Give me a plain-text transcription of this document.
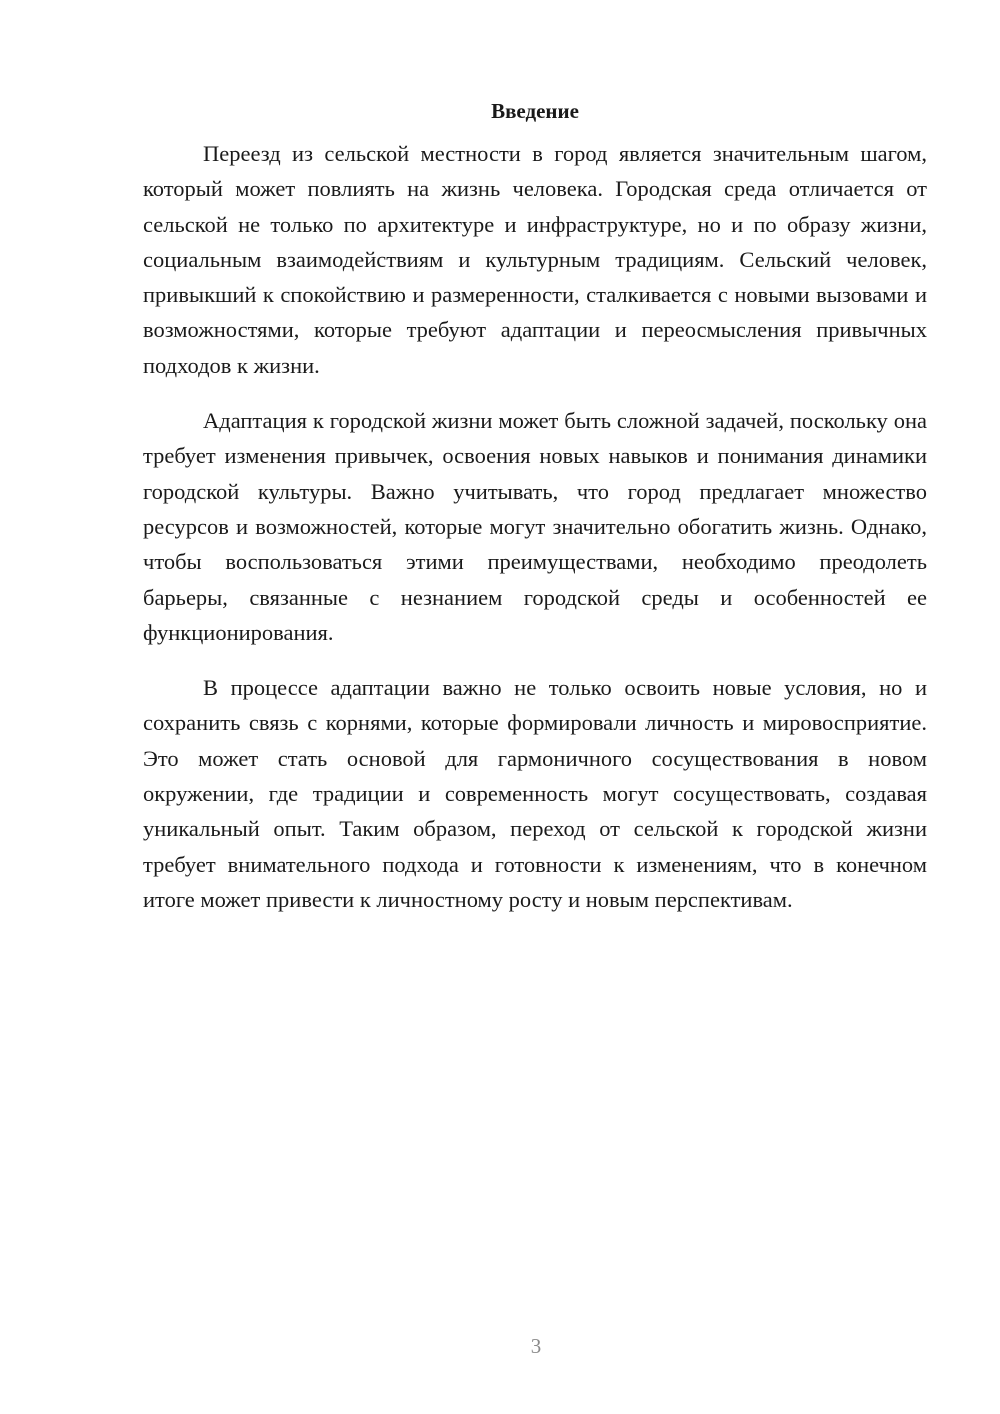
Введение

Переезд из сельской местности в город является значительным шагом, который может повлиять на жизнь человека. Городская среда отличается от сельской не только по архитектуре и инфраструктуре, но и по образу жизни, социальным взаимодействиям и культурным традициям. Сельский человек, привыкший к спокойствию и размеренности, сталкивается с новыми вызовами и возможностями, которые требуют адаптации и переосмысления привычных подходов к жизни.

Адаптация к городской жизни может быть сложной задачей, поскольку она требует изменения привычек, освоения новых навыков и понимания динамики городской культуры. Важно учитывать, что город предлагает множество ресурсов и возможностей, которые могут значительно обогатить жизнь. Однако, чтобы воспользоваться этими преимуществами, необходимо преодолеть барьеры, связанные с незнанием городской среды и особенностей ее функционирования.

В процессе адаптации важно не только освоить новые условия, но и сохранить связь с корнями, которые формировали личность и мировосприятие. Это может стать основой для гармоничного сосуществования в новом окружении, где традиции и современность могут сосуществовать, создавая уникальный опыт. Таким образом, переход от сельской к городской жизни требует внимательного подхода и готовности к изменениям, что в конечном итоге может привести к личностному росту и новым перспективам.

3
